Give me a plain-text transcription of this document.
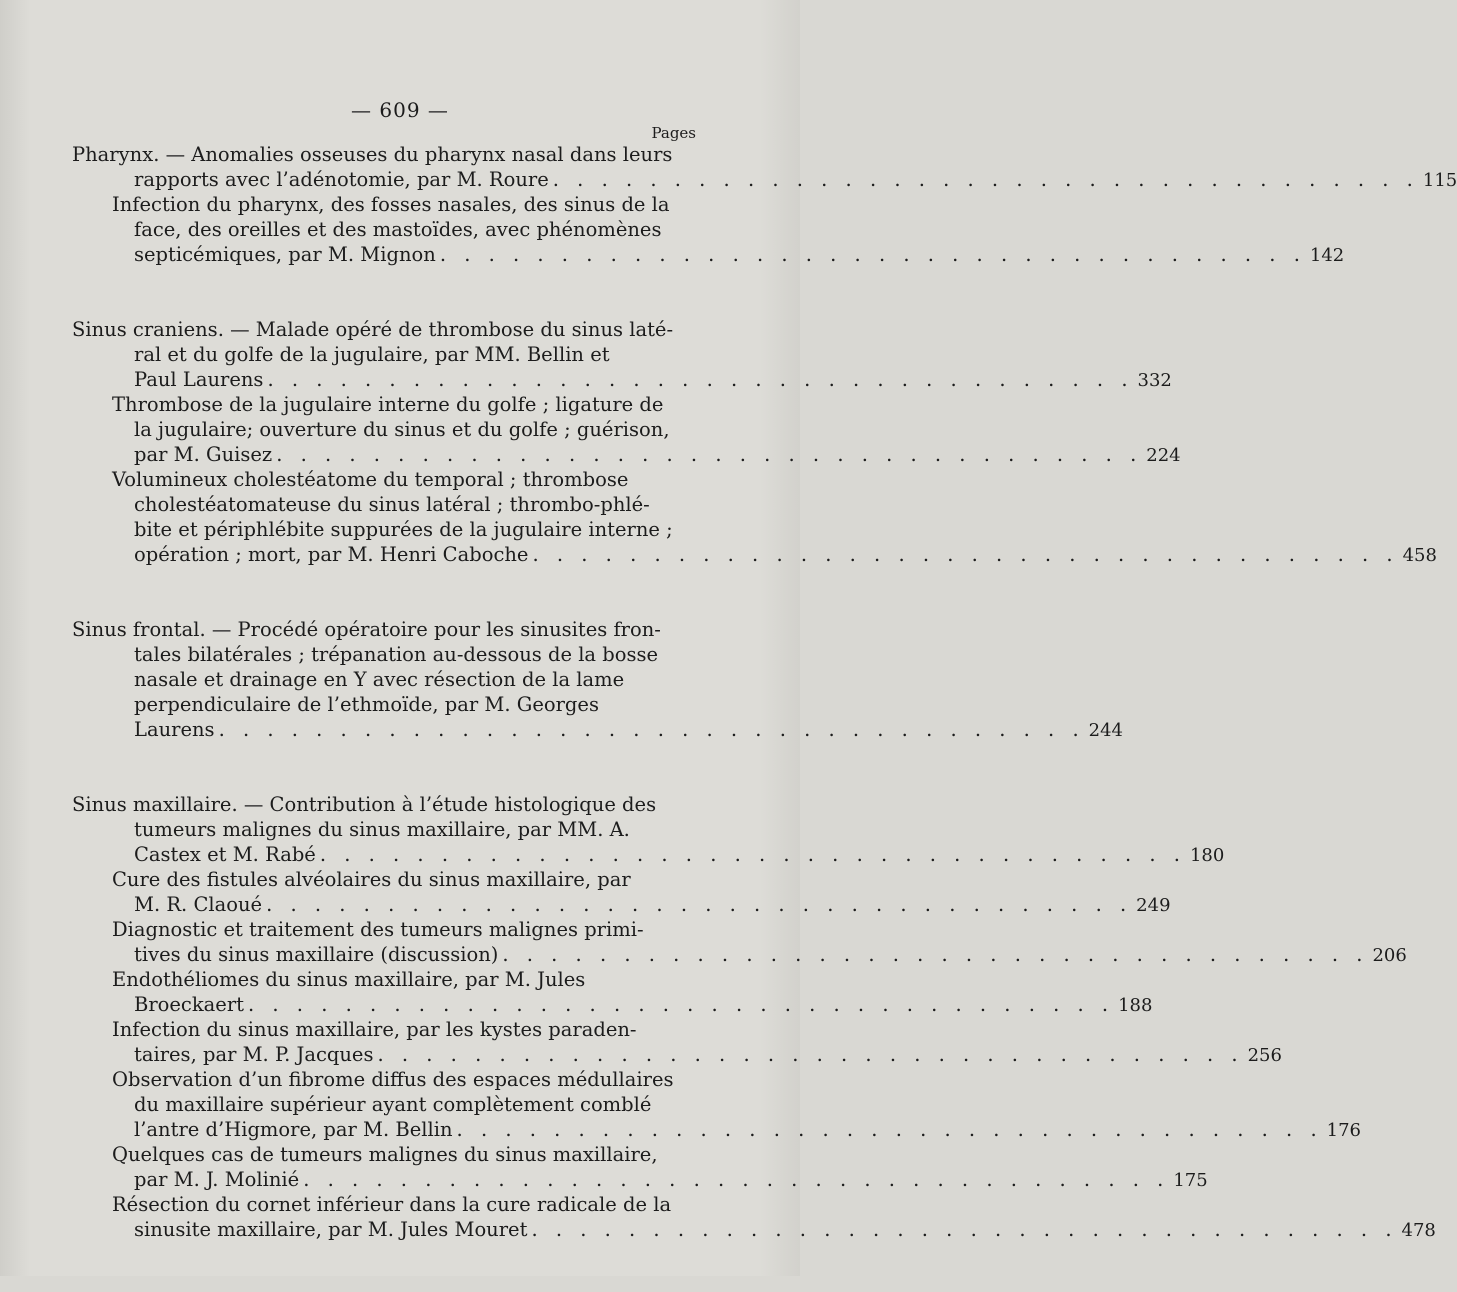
— 609 —
Pages
Pharynx. — Anomalies osseuses du pharynx nasal dans leurs
rapports avec l’adénotomie, par M. Roure . . . . . . . . . . . . . . . . . . . . . . . . . . . . . . . . . . . . 115
Infection du pharynx, des fosses nasales, des sinus de la
face, des oreilles et des mastoïdes, avec phénomènes
septicémiques, par M. Mignon . . . . . . . . . . . . . . . . . . . . . . . . . . . . . . . . . . . . 142
Sinus craniens. — Malade opéré de thrombose du sinus laté-
ral et du golfe de la jugulaire, par MM. Bellin et
Paul Laurens . . . . . . . . . . . . . . . . . . . . . . . . . . . . . . . . . . . . 332
Thrombose de la jugulaire interne du golfe ; ligature de
la jugulaire; ouverture du sinus et du golfe ; guérison,
par M. Guisez . . . . . . . . . . . . . . . . . . . . . . . . . . . . . . . . . . . . 224
Volumineux cholestéatome du temporal ; thrombose
cholestéatomateuse du sinus latéral ; thrombo-phlé-
bite et périphlébite suppurées de la jugulaire interne ;
opération ; mort, par M. Henri Caboche . . . . . . . . . . . . . . . . . . . . . . . . . . . . . . . . . . . . 458
Sinus frontal. — Procédé opératoire pour les sinusites fron-
tales bilatérales ; trépanation au-dessous de la bosse
nasale et drainage en Y avec résection de la lame
perpendiculaire de l’ethmoïde, par M. Georges
Laurens . . . . . . . . . . . . . . . . . . . . . . . . . . . . . . . . . . . . 244
Sinus maxillaire. — Contribution à l’étude histologique des
tumeurs malignes du sinus maxillaire, par MM. A.
Castex et M. Rabé . . . . . . . . . . . . . . . . . . . . . . . . . . . . . . . . . . . . 180
Cure des fistules alvéolaires du sinus maxillaire, par
M. R. Claoué . . . . . . . . . . . . . . . . . . . . . . . . . . . . . . . . . . . . 249
Diagnostic et traitement des tumeurs malignes primi-
tives du sinus maxillaire (discussion) . . . . . . . . . . . . . . . . . . . . . . . . . . . . . . . . . . . . 206
Endothéliomes du sinus maxillaire, par M. Jules
Broeckaert . . . . . . . . . . . . . . . . . . . . . . . . . . . . . . . . . . . . 188
Infection du sinus maxillaire, par les kystes paraden-
taires, par M. P. Jacques . . . . . . . . . . . . . . . . . . . . . . . . . . . . . . . . . . . . 256
Observation d’un fibrome diffus des espaces médullaires
du maxillaire supérieur ayant complètement comblé
l’antre d’Higmore, par M. Bellin . . . . . . . . . . . . . . . . . . . . . . . . . . . . . . . . . . . . 176
Quelques cas de tumeurs malignes du sinus maxillaire,
par M. J. Molinié . . . . . . . . . . . . . . . . . . . . . . . . . . . . . . . . . . . . 175
Résection du cornet inférieur dans la cure radicale de la
sinusite maxillaire, par M. Jules Mouret . . . . . . . . . . . . . . . . . . . . . . . . . . . . . . . . . . . . 478
